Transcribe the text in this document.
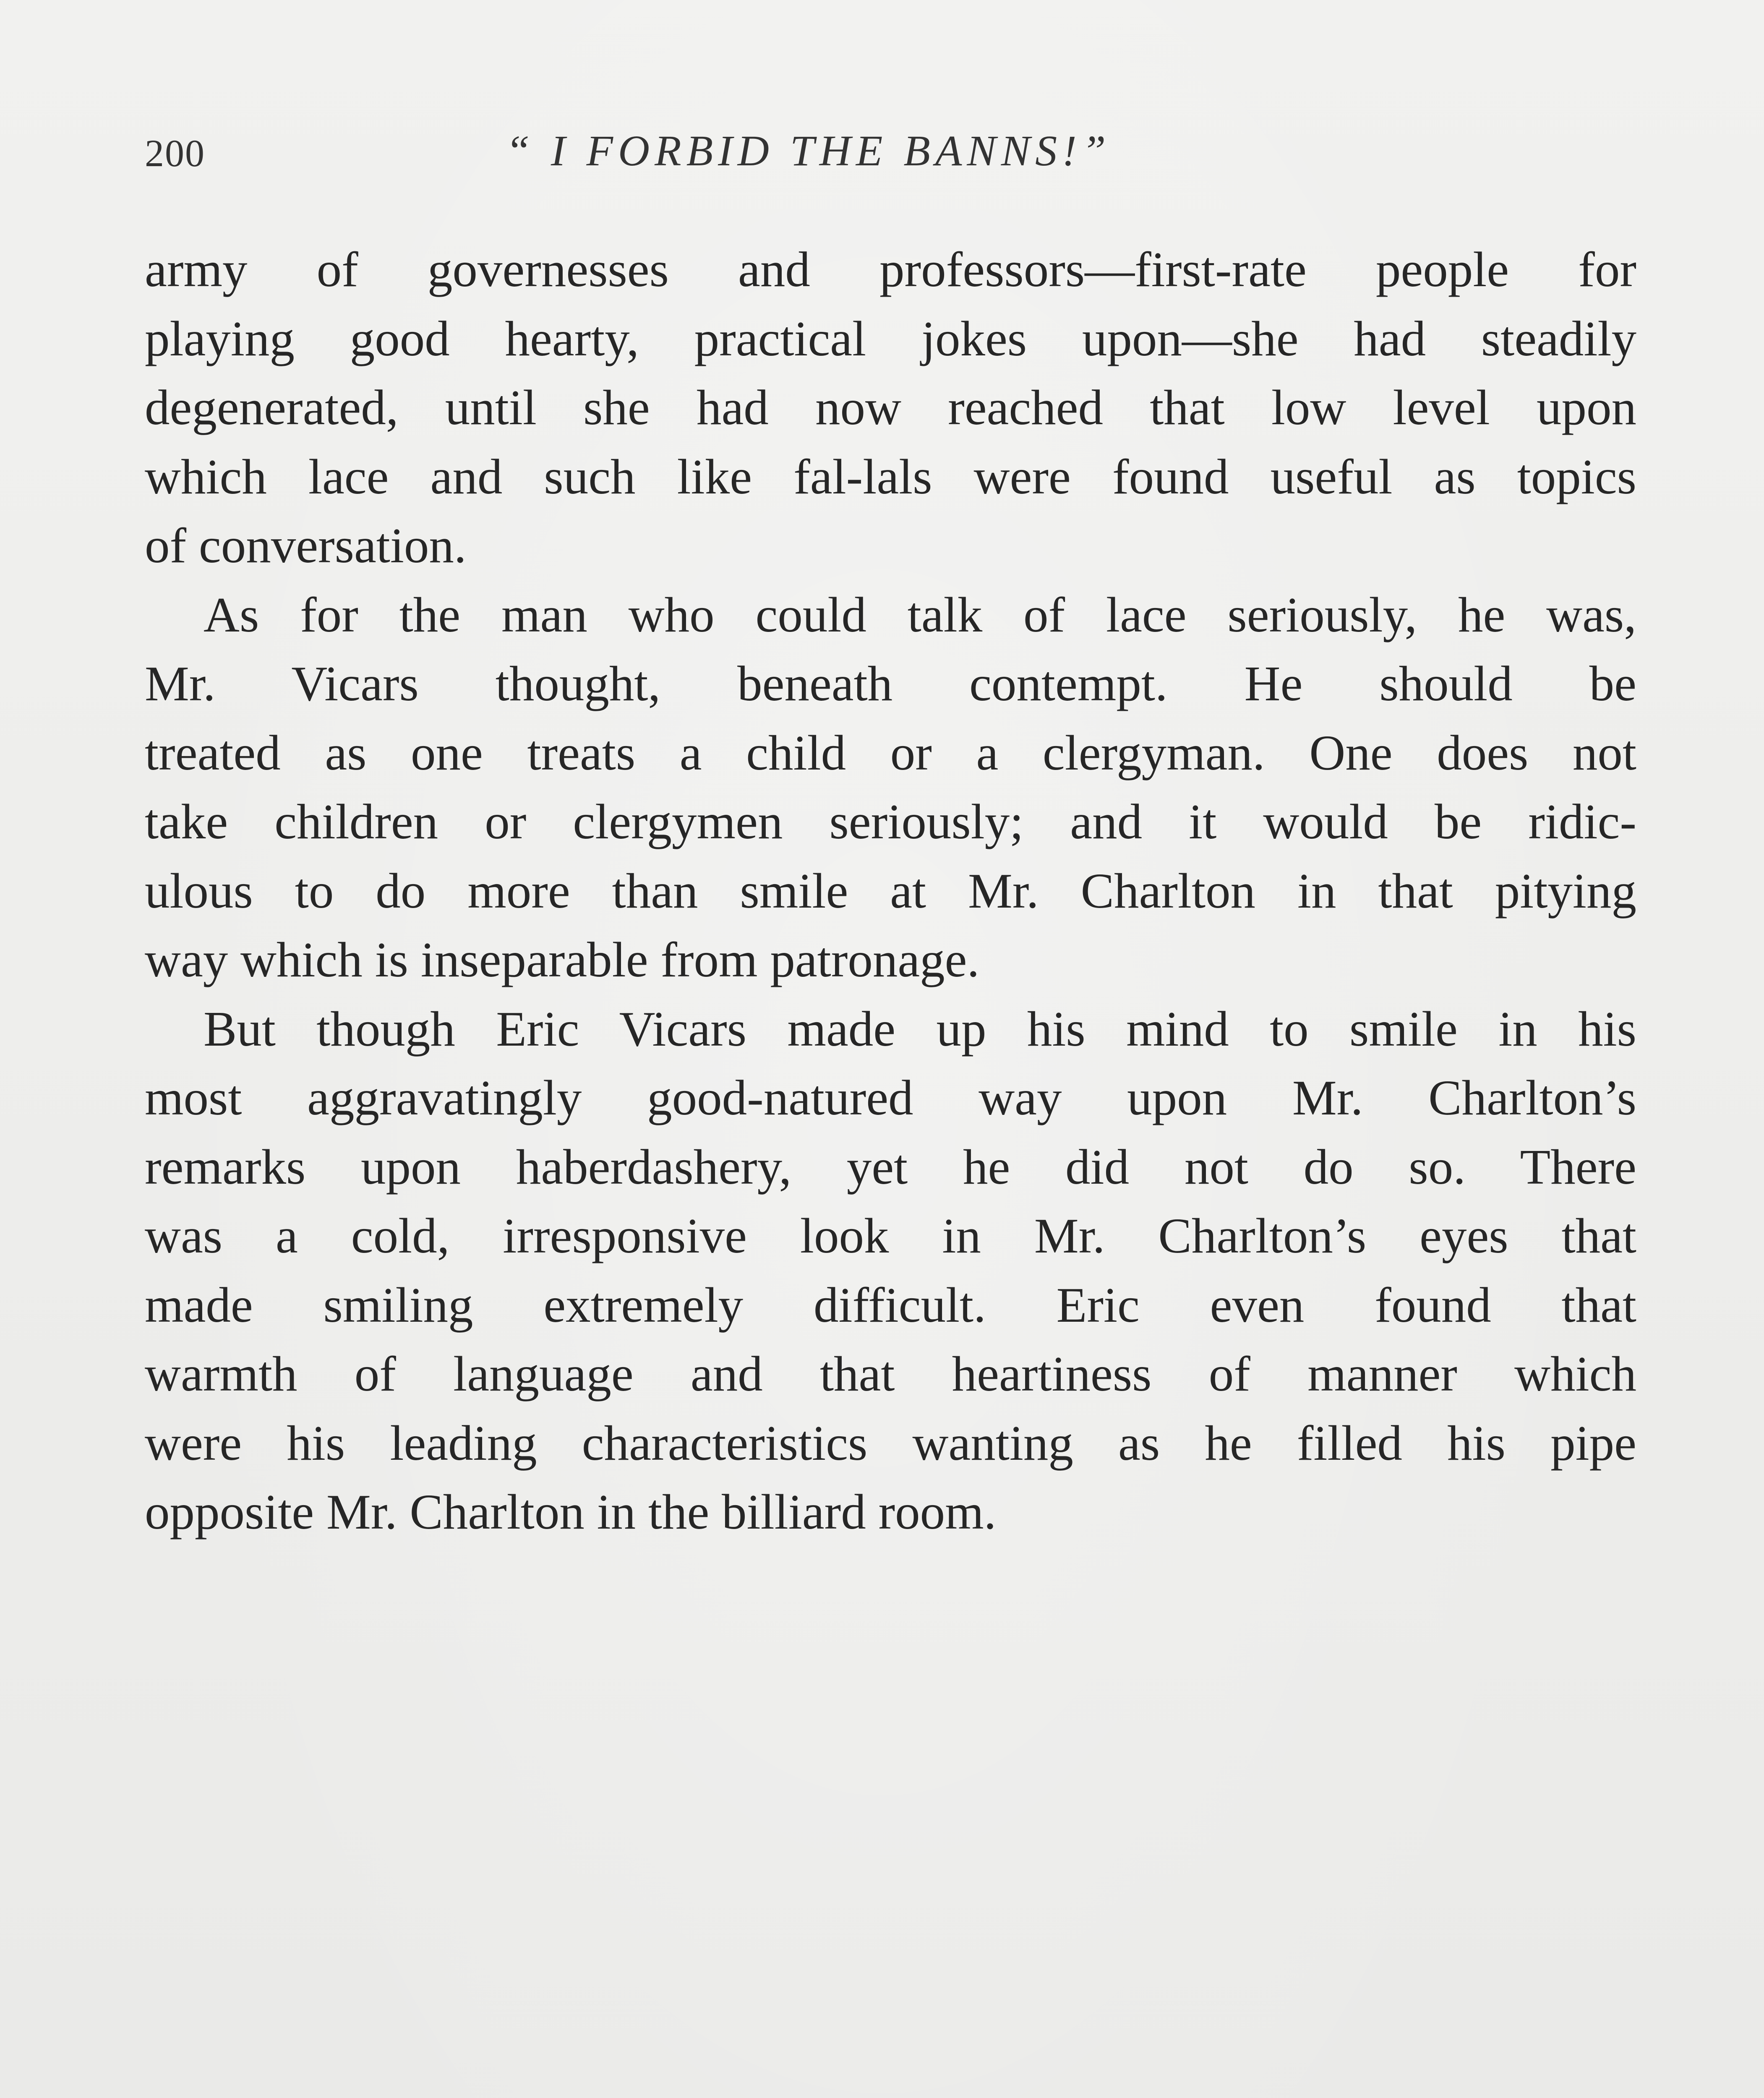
200	“ I FORBID THE BANNS!”
army of governesses and professors—first-rate people for
playing good hearty, practical jokes upon—she had steadily
degenerated, until she had now reached that low level upon
which lace and such like fal-lals were found useful as topics
of conversation.
As for the man who could talk of lace seriously, he was,
Mr. Vicars thought, beneath contempt. He should be
treated as one treats a child or a clergyman. One does not
take children or clergymen seriously; and it would be ridic-
ulous to do more than smile at Mr. Charlton in that pitying
way which is inseparable from patronage.
But though Eric Vicars made up his mind to smile in his
most aggravatingly good-natured way upon Mr. Charlton’s
remarks upon haberdashery, yet he did not do so. There
was a cold, irresponsive look in Mr. Charlton’s eyes that
made smiling extremely difficult. Eric even found that
warmth of language and that heartiness of manner which
were his leading characteristics wanting as he filled his pipe
opposite Mr. Charlton in the billiard room.
